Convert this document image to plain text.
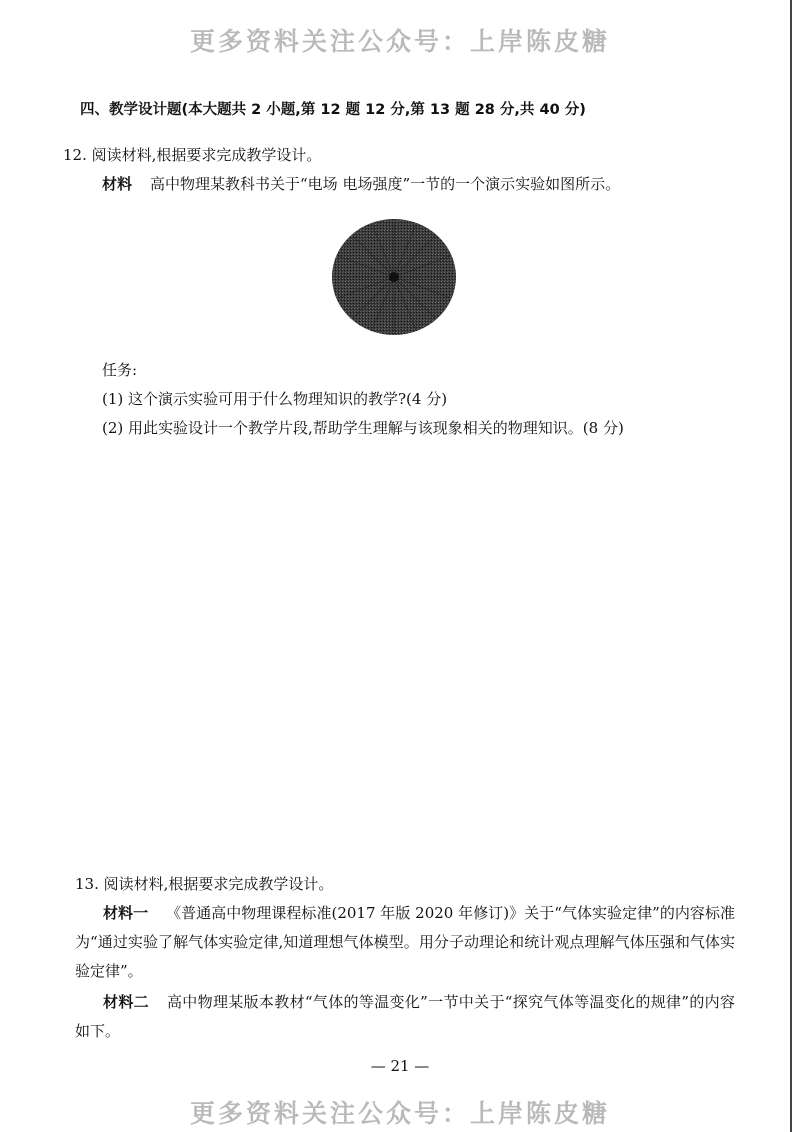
更多资料关注公众号：上岸陈皮糖
四、教学设计题(本大题共 2 小题,第 12 题 12 分,第 13 题 28 分,共 40 分)
12. 阅读材料,根据要求完成教学设计。
材料 高中物理某教科书关于“电场 电场强度”一节的一个演示实验如图所示。
任务:
(1) 这个演示实验可用于什么物理知识的教学?(4 分)
(2) 用此实验设计一个教学片段,帮助学生理解与该现象相关的物理知识。(8 分)
13. 阅读材料,根据要求完成教学设计。
材料一 《普通高中物理课程标准(2017 年版 2020 年修订)》关于“气体实验定律”的内容标准为“通过实验了解气体实验定律,知道理想气体模型。用分子动理论和统计观点理解气体压强和气体实验定律”。
材料二 高中物理某版本教材“气体的等温变化”一节中关于“探究气体等温变化的规律”的内容如下。
— 21 —
更多资料关注公众号：上岸陈皮糖
